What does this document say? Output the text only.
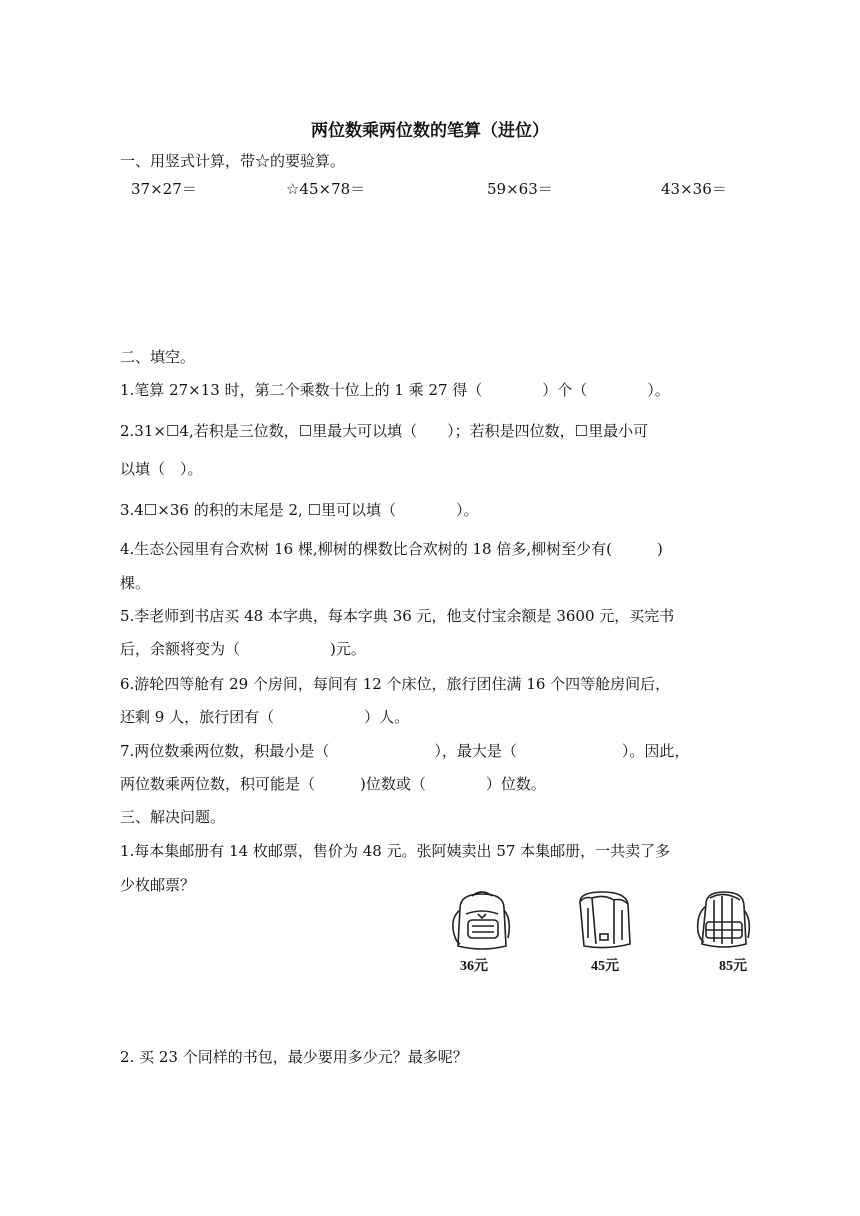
两位数乘两位数的笔算（进位）
一、用竖式计算，带☆的要验算。
37×27＝	☆45×78＝	59×63＝	43×36＝
二、填空。
1.笔算 27×13 时，第二个乘数十位上的 1 乘 27 得（　　　　）个（　　　　）。
2.31×☐4,若积是三位数，☐里最大可以填（　　）；若积是四位数，☐里最小可
以填（　）。
3.4☐×36 的积的末尾是 2, ☐里可以填（　　　　）。
4.生态公园里有合欢树 16 棵,柳树的棵数比合欢树的 18 倍多,柳树至少有(　　　)
棵。
5.李老师到书店买 48 本字典，每本字典 36 元，他支付宝余额是 3600 元，买完书
后，余额将变为（　　　　　　)元。
6.游轮四等舱有 29 个房间，每间有 12 个床位，旅行团住满 16 个四等舱房间后，
还剩 9 人，旅行团有（　　　　　　）人。
7.两位数乘两位数，积最小是（　　　　　　　），最大是（　　　　　　　）。因此，
两位数乘两位数，积可能是（　　　)位数或（　　　　）位数。
三、解决问题。
1.每本集邮册有 14 枚邮票，售价为 48 元。张阿姨卖出 57 本集邮册，一共卖了多
少枚邮票？
36元	45元	85元
2. 买 23 个同样的书包，最少要用多少元？最多呢？
